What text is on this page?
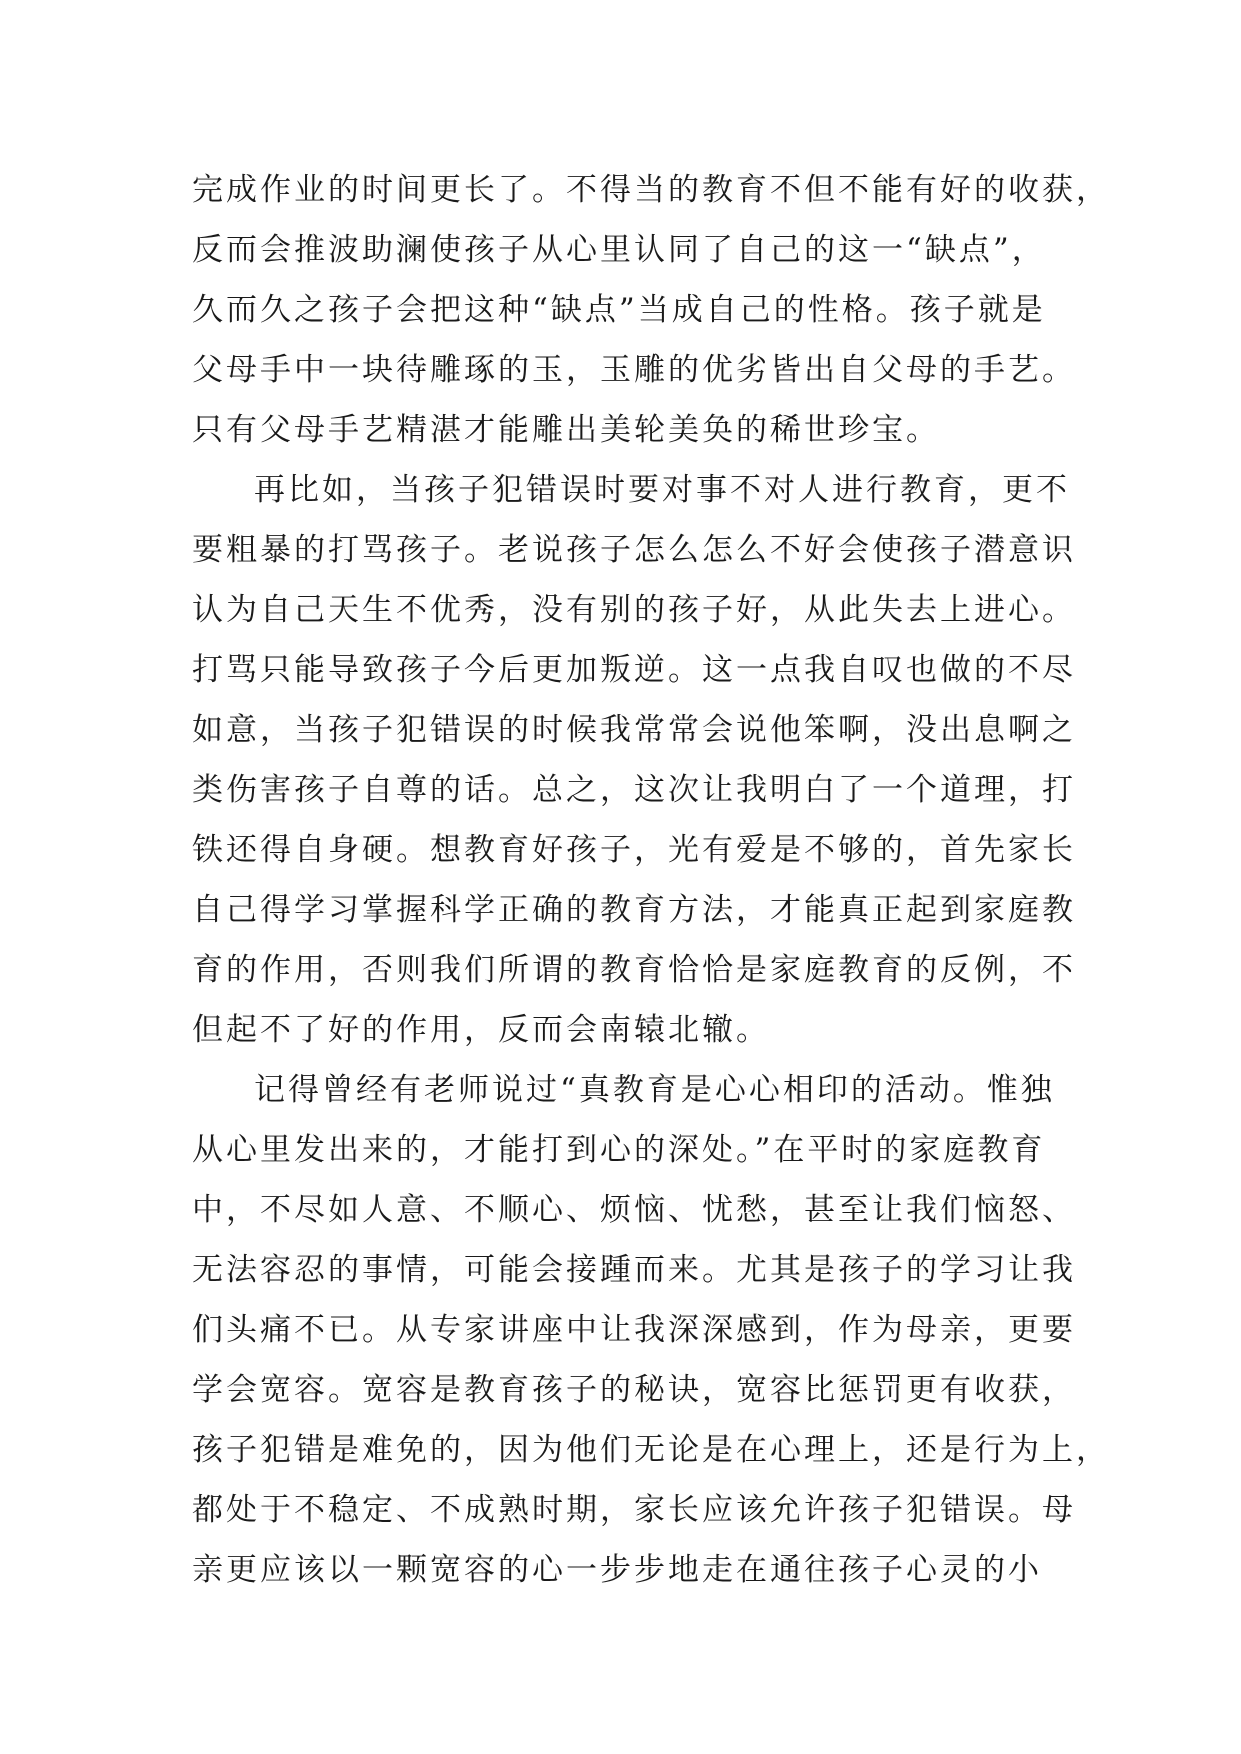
完成作业的时间更长了。不得当的教育不但不能有好的收获，
反而会推波助澜使孩子从心里认同了自己的这一“缺点”，
久而久之孩子会把这种“缺点”当成自己的性格。孩子就是
父母手中一块待雕琢的玉，玉雕的优劣皆出自父母的手艺。
只有父母手艺精湛才能雕出美轮美奂的稀世珍宝。
再比如，当孩子犯错误时要对事不对人进行教育，更不
要粗暴的打骂孩子。老说孩子怎么怎么不好会使孩子潜意识
认为自己天生不优秀，没有别的孩子好，从此失去上进心。
打骂只能导致孩子今后更加叛逆。这一点我自叹也做的不尽
如意，当孩子犯错误的时候我常常会说他笨啊，没出息啊之
类伤害孩子自尊的话。总之，这次让我明白了一个道理，打
铁还得自身硬。想教育好孩子，光有爱是不够的，首先家长
自己得学习掌握科学正确的教育方法，才能真正起到家庭教
育的作用，否则我们所谓的教育恰恰是家庭教育的反例，不
但起不了好的作用，反而会南辕北辙。
记得曾经有老师说过“真教育是心心相印的活动。惟独
从心里发出来的，才能打到心的深处。”在平时的家庭教育
中，不尽如人意、不顺心、烦恼、忧愁，甚至让我们恼怒、
无法容忍的事情，可能会接踵而来。尤其是孩子的学习让我
们头痛不已。从专家讲座中让我深深感到，作为母亲，更要
学会宽容。宽容是教育孩子的秘诀，宽容比惩罚更有收获，
孩子犯错是难免的，因为他们无论是在心理上，还是行为上，
都处于不稳定、不成熟时期，家长应该允许孩子犯错误。母
亲更应该以一颗宽容的心一步步地走在通往孩子心灵的小
